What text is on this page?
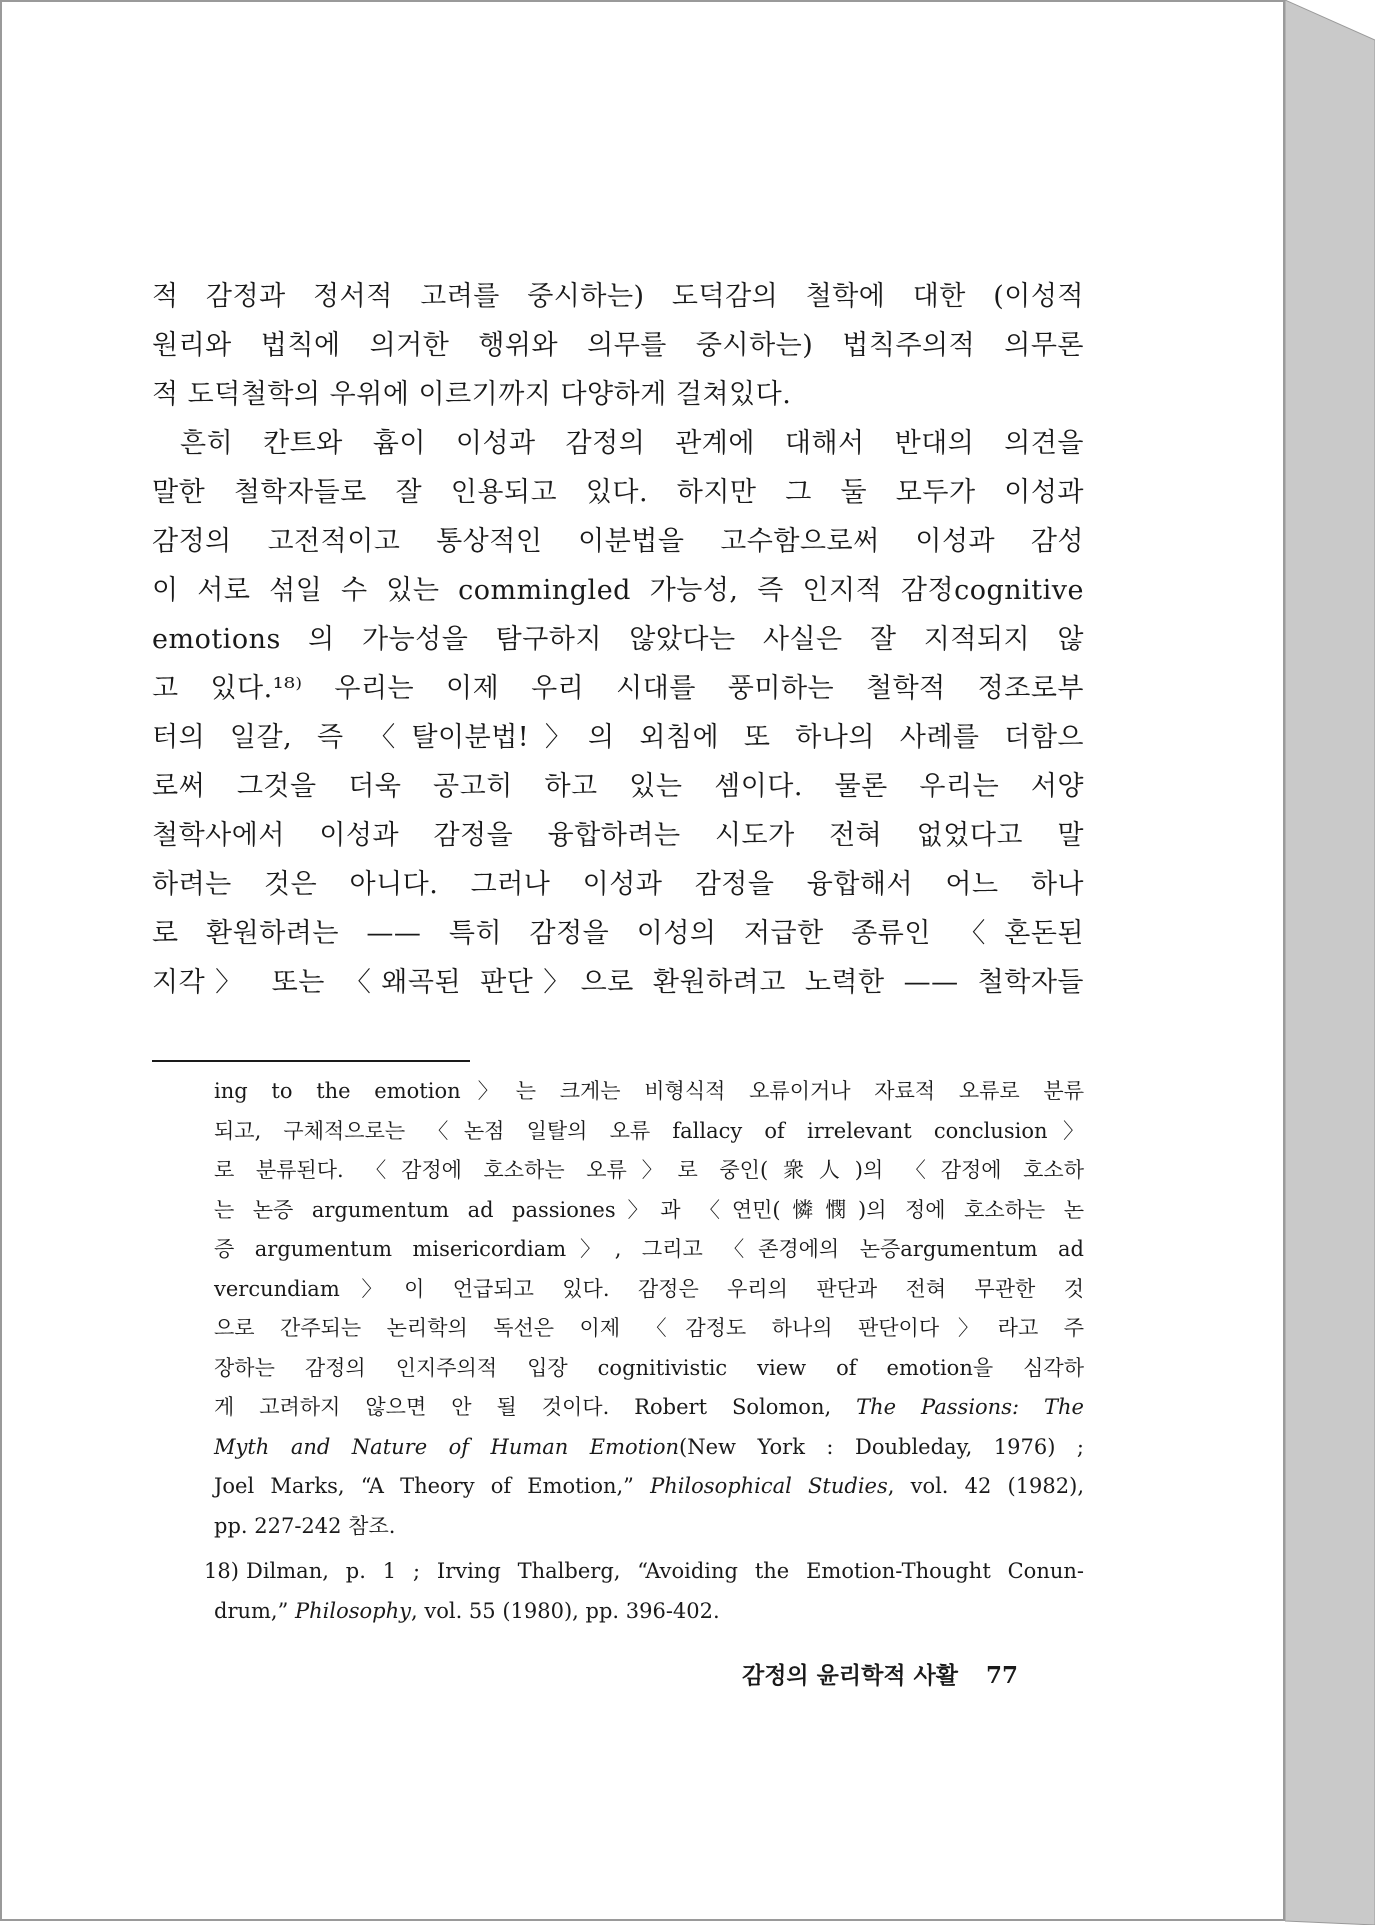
적 감정과 정서적 고려를 중시하는) 도덕감의 철학에 대한 (이성적
원리와 법칙에 의거한 행위와 의무를 중시하는) 법칙주의적 의무론
적 도덕철학의 우위에 이르기까지 다양하게 걸쳐있다.
흔히 칸트와 흄이 이성과 감정의 관계에 대해서 반대의 의견을
말한 철학자들로 잘 인용되고 있다. 하지만 그 둘 모두가 이성과
감정의 고전적이고 통상적인 이분법을 고수함으로써 이성과 감성
이 서로 섞일 수 있는 commingled 가능성, 즉 인지적 감정cognitive
emotions 의 가능성을 탐구하지 않았다는 사실은 잘 지적되지 않
고 있다.¹⁸⁾ 우리는 이제 우리 시대를 풍미하는 철학적 정조로부
터의 일갈, 즉 〈탈이분법!〉의 외침에 또 하나의 사례를 더함으
로써 그것을 더욱 공고히 하고 있는 셈이다. 물론 우리는 서양
철학사에서 이성과 감정을 융합하려는 시도가 전혀 없었다고 말
하려는 것은 아니다. 그러나 이성과 감정을 융합해서 어느 하나
로 환원하려는 —— 특히 감정을 이성의 저급한 종류인 〈혼돈된
지각〉 또는 〈왜곡된 판단〉으로 환원하려고 노력한 —— 철학자들
ing to the emotion〉는 크게는 비형식적 오류이거나 자료적 오류로 분류
되고, 구체적으로는 〈논점 일탈의 오류 fallacy of irrelevant conclusion〉
로 분류된다. 〈감정에 호소하는 오류〉로 중인(衆人)의 〈감정에 호소하
는 논증 argumentum ad passiones〉과 〈연민(憐憫)의 정에 호소하는 논
증 argumentum misericordiam〉, 그리고 〈존경에의 논증argumentum ad
vercundiam〉이 언급되고 있다. 감정은 우리의 판단과 전혀 무관한 것
으로 간주되는 논리학의 독선은 이제 〈감정도 하나의 판단이다〉라고 주
장하는 감정의 인지주의적 입장 cognitivistic view of emotion을 심각하
게 고려하지 않으면 안 될 것이다. Robert Solomon, The Passions: The
Myth and Nature of Human Emotion(New York : Doubleday, 1976) ;
Joel Marks, “A Theory of Emotion,” Philosophical Studies, vol. 42 (1982),
pp. 227-242 참조.
18) Dilman, p. 1 ; Irving Thalberg, “Avoiding the Emotion-Thought Conun-
drum,” Philosophy, vol. 55 (1980), pp. 396-402.
감정의 윤리학적 사활 77
